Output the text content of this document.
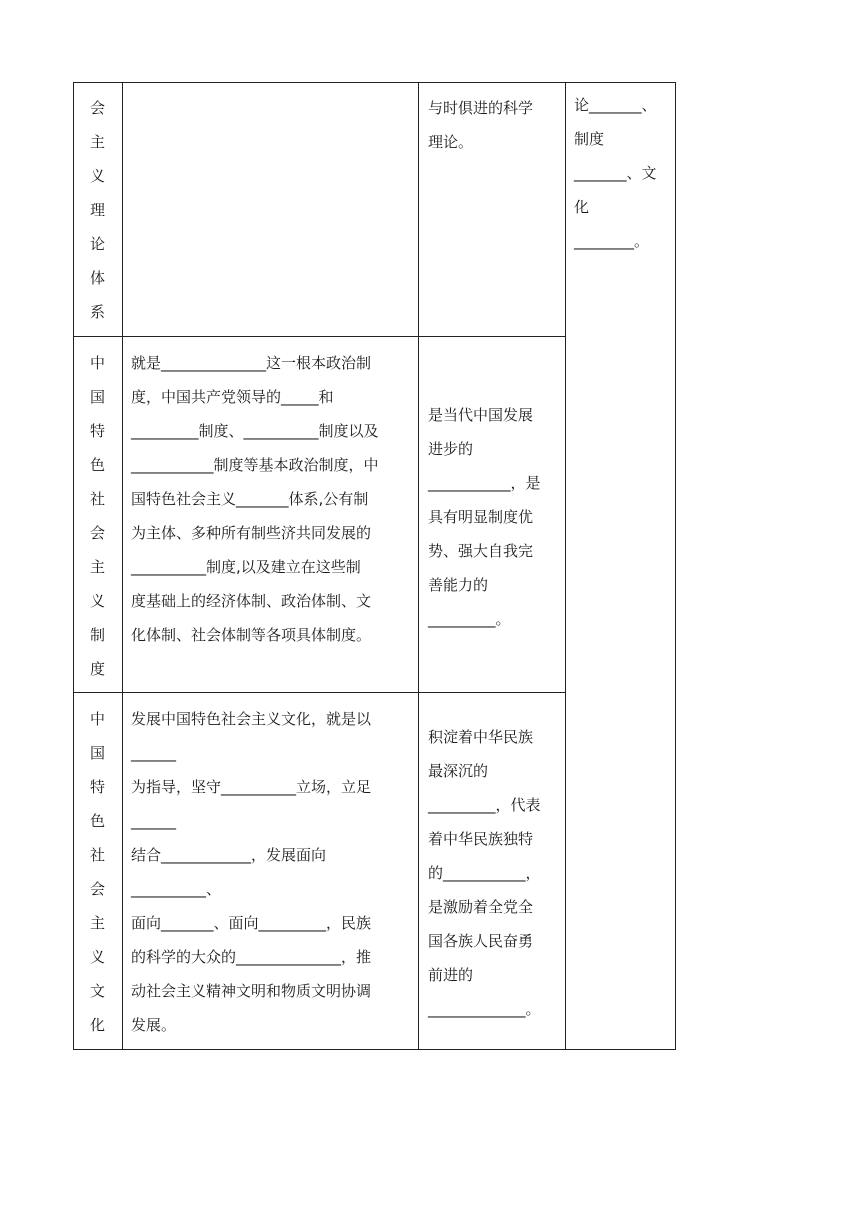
会
主
义
理
论
体
系
与时俱进的科学
理论。
论_______、
制度
_______、文
化
________。
中
国
特
色
社
会
主
义
制
度
就是______________这一根本政治制
度，中国共产党领导的_____和
_________制度、__________制度以及
___________制度等基本政治制度，中
国特色社会主义_______体系,公有制
为主体、多种所有制些济共同发展的
__________制度,以及建立在这些制
度基础上的经济体制、政治体制、文
化体制、社会体制等各项具体制度。
是当代中国发展
进步的
___________，是
具有明显制度优
势、强大自我完
善能力的
_________。
中
国
特
色
社
会
主
义
文
化
发展中国特色社会主义文化，就是以
______
为指导，坚守__________立场，立足
______
结合____________，发展面向
__________、
面向_______、面向_________，民族
的科学的大众的______________，推
动社会主义精神文明和物质文明协调
发展。
积淀着中华民族
最深沉的
_________，代表
着中华民族独特
的___________，
是激励着全党全
国各族人民奋勇
前进的
_____________。
